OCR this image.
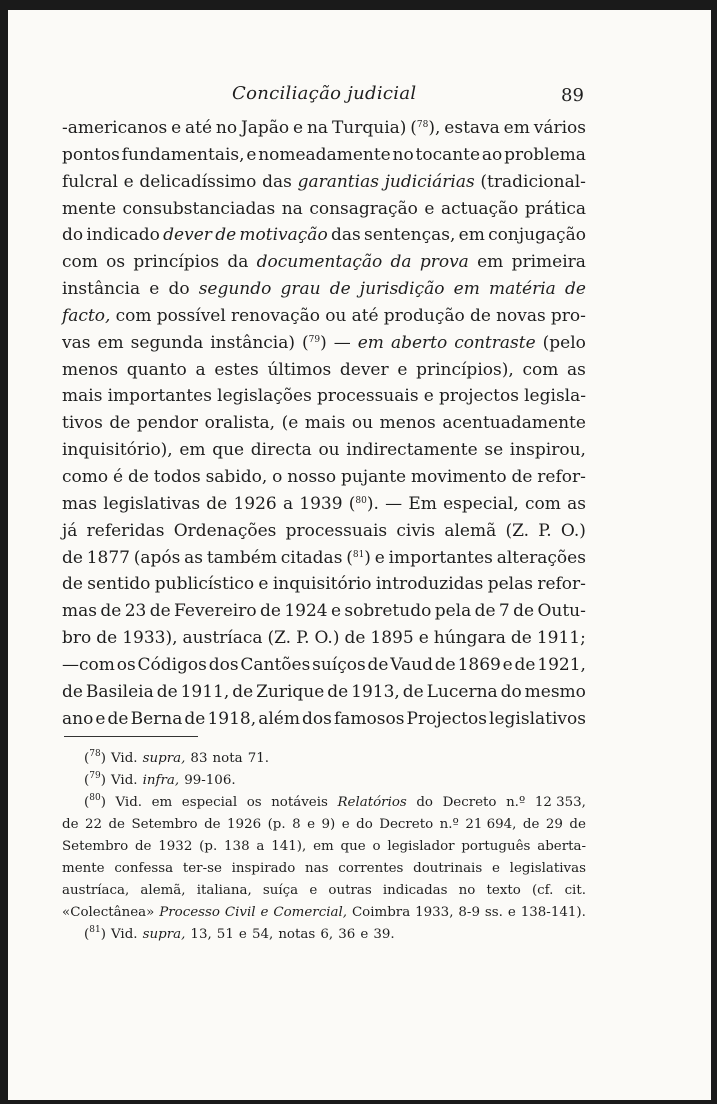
Conciliação judicial	89
-americanos e até no Japão e na Turquia) ($^{78}$), estava em vários
pontos fundamentais, e nomeadamente no tocante ao problema
fulcral e delicadíssimo das garantias judiciárias (tradicional-
mente consubstanciadas na consagração e actuação prática
do indicado dever de motivação das sentenças, em conjugação
com os princípios da documentação da prova em primeira
instância e do segundo grau de jurisdição em matéria de
facto, com possível renovação ou até produção de novas pro-
vas em segunda instância) ($^{79}$) — em aberto contraste (pelo
menos quanto a estes últimos dever e princípios), com as
mais importantes legislações processuais e projectos legisla-
tivos de pendor oralista, (e mais ou menos acentuadamente
inquisitório), em que directa ou indirectamente se inspirou,
como é de todos sabido, o nosso pujante movimento de refor-
mas legislativas de 1926 a 1939 ($^{80}$). — Em especial, com as
já referidas Ordenações processuais civis alemã (Z. P. O.)
de 1877 (após as também citadas ($^{81}$) e importantes alterações
de sentido publicístico e inquisitório introduzidas pelas refor-
mas de 23 de Fevereiro de 1924 e sobretudo pela de 7 de Outu-
bro de 1933), austríaca (Z. P. O.) de 1895 e húngara de 1911;
—com os Códigos dos Cantões suíços de Vaud de 1869 e de 1921,
de Basileia de 1911, de Zurique de 1913, de Lucerna do mesmo
ano e de Berna de 1918, além dos famosos Projectos legislativos
($^{78}$) Vid. supra, 83 nota 71.
($^{79}$) Vid. infra, 99-106.
($^{80}$) Vid. em especial os notáveis Relatórios do Decreto n.º 12 353,
de 22 de Setembro de 1926 (p. 8 e 9) e do Decreto n.º 21 694, de 29 de
Setembro de 1932 (p. 138 a 141), em que o legislador português aberta-
mente confessa ter-se inspirado nas correntes doutrinais e legislativas
austríaca, alemã, italiana, suíça e outras indicadas no texto (cf. cit.
«Colectânea» Processo Civil e Comercial, Coimbra 1933, 8-9 ss. e 138-141).
($^{81}$) Vid. supra, 13, 51 e 54, notas 6, 36 e 39.
